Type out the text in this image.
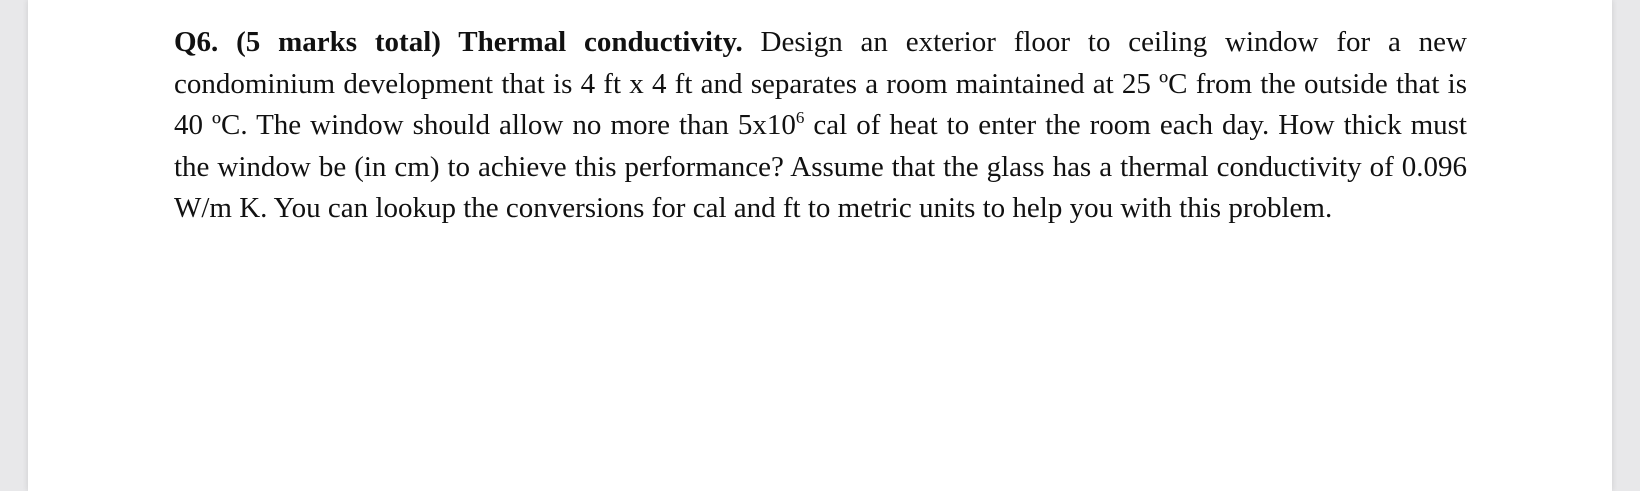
Q6. (5 marks total) Thermal conductivity. Design an exterior floor to ceiling window for a new condominium development that is 4 ft x 4 ft and separates a room maintained at 25 ºC from the outside that is 40 ºC. The window should allow no more than $5x10^6$ cal of heat to enter the room each day. How thick must the window be (in cm) to achieve this performance? Assume that the glass has a thermal conductivity of 0.096 W/m K. You can lookup the conversions for cal and ft to metric units to help you with this problem.
